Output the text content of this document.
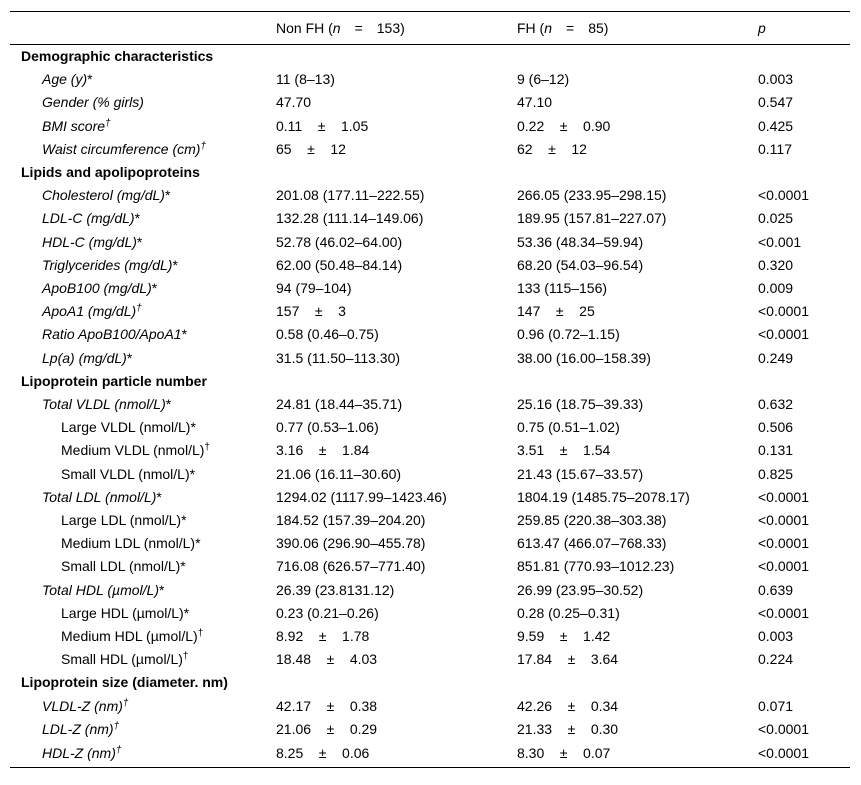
	Non FH (n  =  153)	FH (n  =  85)	p
Demographic characteristics			
Age (y)*	11 (8–13)	9 (6–12)	0.003
Gender (% girls)	47.70	47.10	0.547
BMI score†	0.11    ±    1.05	0.22    ±    0.90	0.425
Waist circumference (cm)†	65    ±    12	62    ±    12	0.117
Lipids and apolipoproteins			
Cholesterol (mg/dL)*	201.08 (177.11–222.55)	266.05 (233.95–298.15)	<0.0001
LDL-C (mg/dL)*	132.28 (111.14–149.06)	189.95 (157.81–227.07)	0.025
HDL-C (mg/dL)*	52.78 (46.02–64.00)	53.36 (48.34–59.94)	<0.001
Triglycerides (mg/dL)*	62.00 (50.48–84.14)	68.20 (54.03–96.54)	0.320
ApoB100 (mg/dL)*	94 (79–104)	133 (115–156)	0.009
ApoA1 (mg/dL)†	157    ±    3	147    ±    25	<0.0001
Ratio ApoB100/ApoA1*	0.58 (0.46–0.75)	0.96 (0.72–1.15)	<0.0001
Lp(a) (mg/dL)*	31.5 (11.50–113.30)	38.00 (16.00–158.39)	0.249
Lipoprotein particle number			
Total VLDL (nmol/L)*	24.81 (18.44–35.71)	25.16 (18.75–39.33)	0.632
Large VLDL (nmol/L)*	0.77 (0.53–1.06)	0.75 (0.51–1.02)	0.506
Medium VLDL (nmol/L)†	3.16    ±    1.84	3.51    ±    1.54	0.131
Small VLDL (nmol/L)*	21.06 (16.11–30.60)	21.43 (15.67–33.57)	0.825
Total LDL (nmol/L)*	1294.02 (1117.99–1423.46)	1804.19 (1485.75–2078.17)	<0.0001
Large LDL (nmol/L)*	184.52 (157.39–204.20)	259.85 (220.38–303.38)	<0.0001
Medium LDL (nmol/L)*	390.06 (296.90–455.78)	613.47 (466.07–768.33)	<0.0001
Small LDL (nmol/L)*	716.08 (626.57–771.40)	851.81 (770.93–1012.23)	<0.0001
Total HDL (µmol/L)*	26.39 (23.8131.12)	26.99 (23.95–30.52)	0.639
Large HDL (µmol/L)*	0.23 (0.21–0.26)	0.28 (0.25–0.31)	<0.0001
Medium HDL (µmol/L)†	8.92    ±    1.78	9.59    ±    1.42	0.003
Small HDL (µmol/L)†	18.48    ±    4.03	17.84    ±    3.64	0.224
Lipoprotein size (diameter. nm)			
VLDL-Z (nm)†	42.17    ±    0.38	42.26    ±    0.34	0.071
LDL-Z (nm)†	21.06    ±    0.29	21.33    ±    0.30	<0.0001
HDL-Z (nm)†	8.25    ±    0.06	8.30    ±    0.07	<0.0001
